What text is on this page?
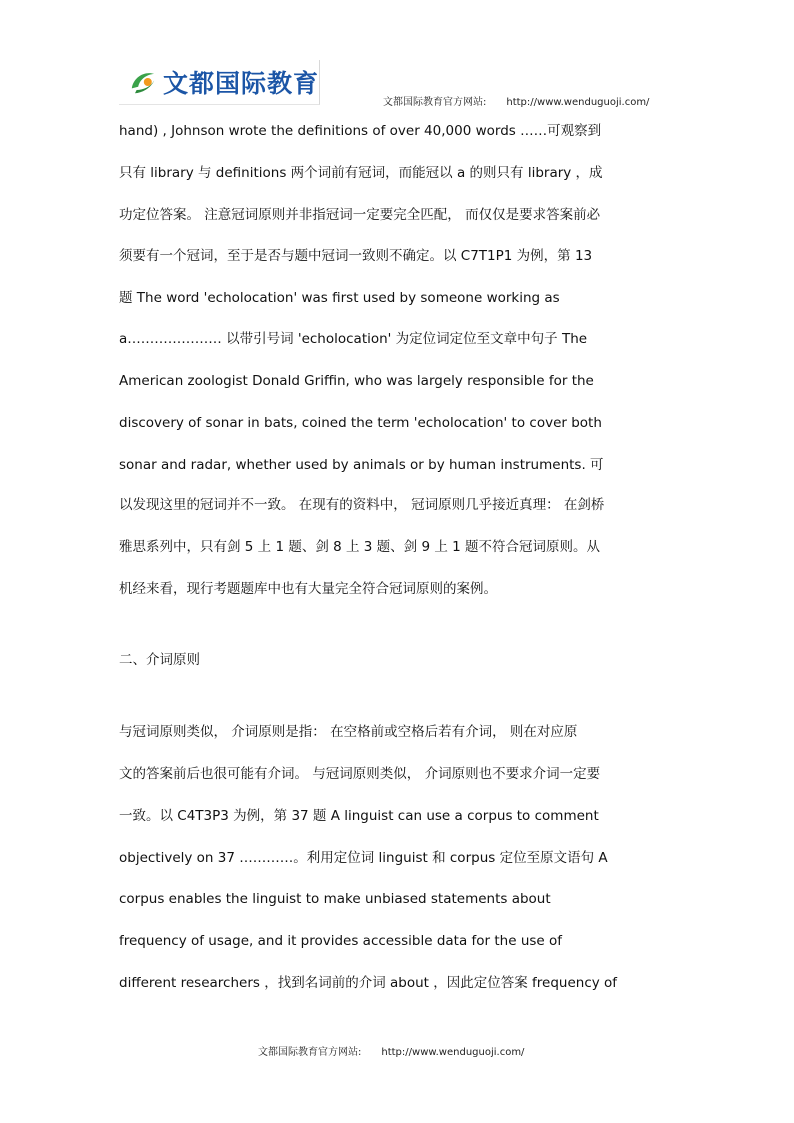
文都国际教育
文都国际教育官方网站: http://www.wenduguoji.com/
hand) , Johnson wrote the definitions of over 40,000 words ……可观察到
只有 library 与 definitions 两个词前有冠词，而能冠以 a 的则只有 library ，成
功定位答案。 注意冠词原则并非指冠词一定要完全匹配， 而仅仅是要求答案前必
须要有一个冠词，至于是否与题中冠词一致则不确定。以 C7T1P1 为例，第 13
题 The word 'echolocation' was first used by someone working as
a………………… 以带引号词 'echolocation' 为定位词定位至文章中句子 The
American zoologist Donald Griffin, who was largely responsible for the
discovery of sonar in bats, coined the term 'echolocation' to cover both
sonar and radar, whether used by animals or by human instruments. 可
以发现这里的冠词并不一致。 在现有的资料中， 冠词原则几乎接近真理： 在剑桥
雅思系列中，只有剑 5 上 1 题、剑 8 上 3 题、剑 9 上 1 题不符合冠词原则。从
机经来看，现行考题题库中也有大量完全符合冠词原则的案例。
二、介词原则
与冠词原则类似， 介词原则是指： 在空格前或空格后若有介词， 则在对应原
文的答案前后也很可能有介词。 与冠词原则类似， 介词原则也不要求介词一定要
一致。以 C4T3P3 为例，第 37 题 A linguist can use a corpus to comment
objectively on 37 …………。利用定位词 linguist 和 corpus 定位至原文语句 A
corpus enables the linguist to make unbiased statements about
frequency of usage, and it provides accessible data for the use of
different researchers ，找到名词前的介词 about ，因此定位答案 frequency of
文都国际教育官方网站: http://www.wenduguoji.com/
